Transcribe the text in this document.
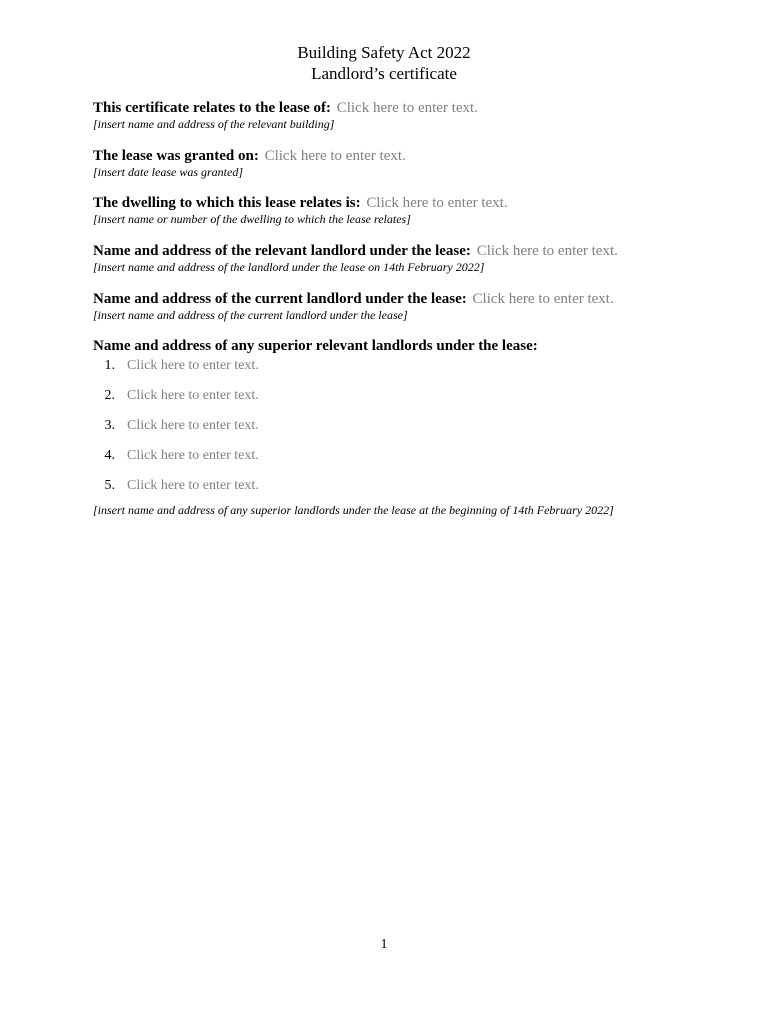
Building Safety Act 2022
Landlord’s certificate
This certificate relates to the lease of: Click here to enter text.
[insert name and address of the relevant building]
The lease was granted on: Click here to enter text.
[insert date lease was granted]
The dwelling to which this lease relates is: Click here to enter text.
[insert name or number of the dwelling to which the lease relates]
Name and address of the relevant landlord under the lease: Click here to enter text.
[insert name and address of the landlord under the lease on 14th February 2022]
Name and address of the current landlord under the lease: Click here to enter text.
[insert name and address of the current landlord under the lease]
Name and address of any superior relevant landlords under the lease:
1. Click here to enter text.
2. Click here to enter text.
3. Click here to enter text.
4. Click here to enter text.
5. Click here to enter text.
[insert name and address of any superior landlords under the lease at the beginning of 14th February 2022]
1
